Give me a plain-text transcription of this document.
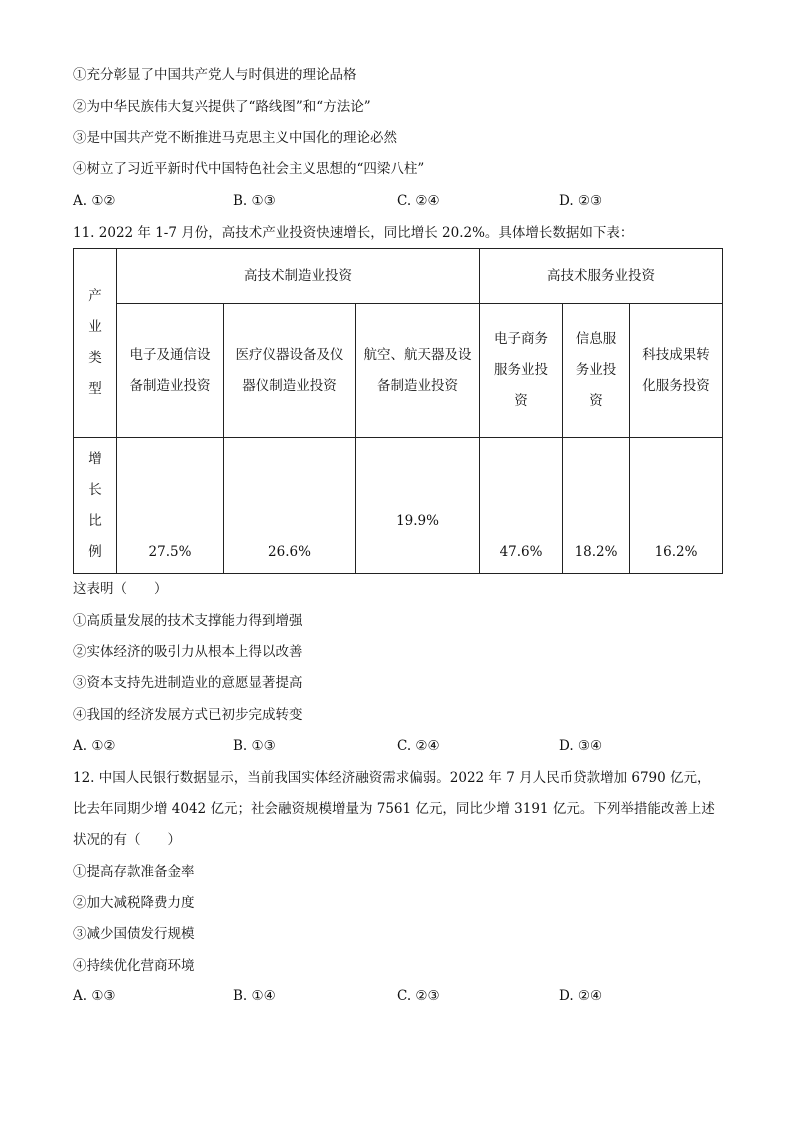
①充分彰显了中国共产党人与时俱进的理论品格
②为中华民族伟大复兴提供了“路线图”和“方法论”
③是中国共产党不断推进马克思主义中国化的理论必然
④树立了习近平新时代中国特色社会主义思想的“四梁八柱”
A. ①②	B. ①③	C. ②④	D. ②③
11. 2022 年 1-7 月份，高技术产业投资快速增长，同比增长 20.2%。具体增长数据如下表：
产业类型	高技术制造业投资			高技术服务业投资		

	电子及通信设备制造业投资	医疗仪器设备及仪器仪制造业投资	航空、航天器及设备制造业投资	电子商务服务业投资	信息服务业投资	科技成果转化服务投资

增长比例	27.5%	26.6%	19.9%	47.6%	18.2%	16.2%
这表明（　　）
①高质量发展的技术支撑能力得到增强
②实体经济的吸引力从根本上得以改善
③资本支持先进制造业的意愿显著提高
④我国的经济发展方式已初步完成转变
A. ①②	B. ①③	C. ②④	D. ③④
12. 中国人民银行数据显示，当前我国实体经济融资需求偏弱。2022 年 7 月人民币贷款增加 6790 亿元，
比去年同期少增 4042 亿元；社会融资规模增量为 7561 亿元，同比少增 3191 亿元。下列举措能改善上述
状况的有（　　）
①提高存款准备金率
②加大减税降费力度
③减少国债发行规模
④持续优化营商环境
A. ①③	B. ①④	C. ②③	D. ②④
